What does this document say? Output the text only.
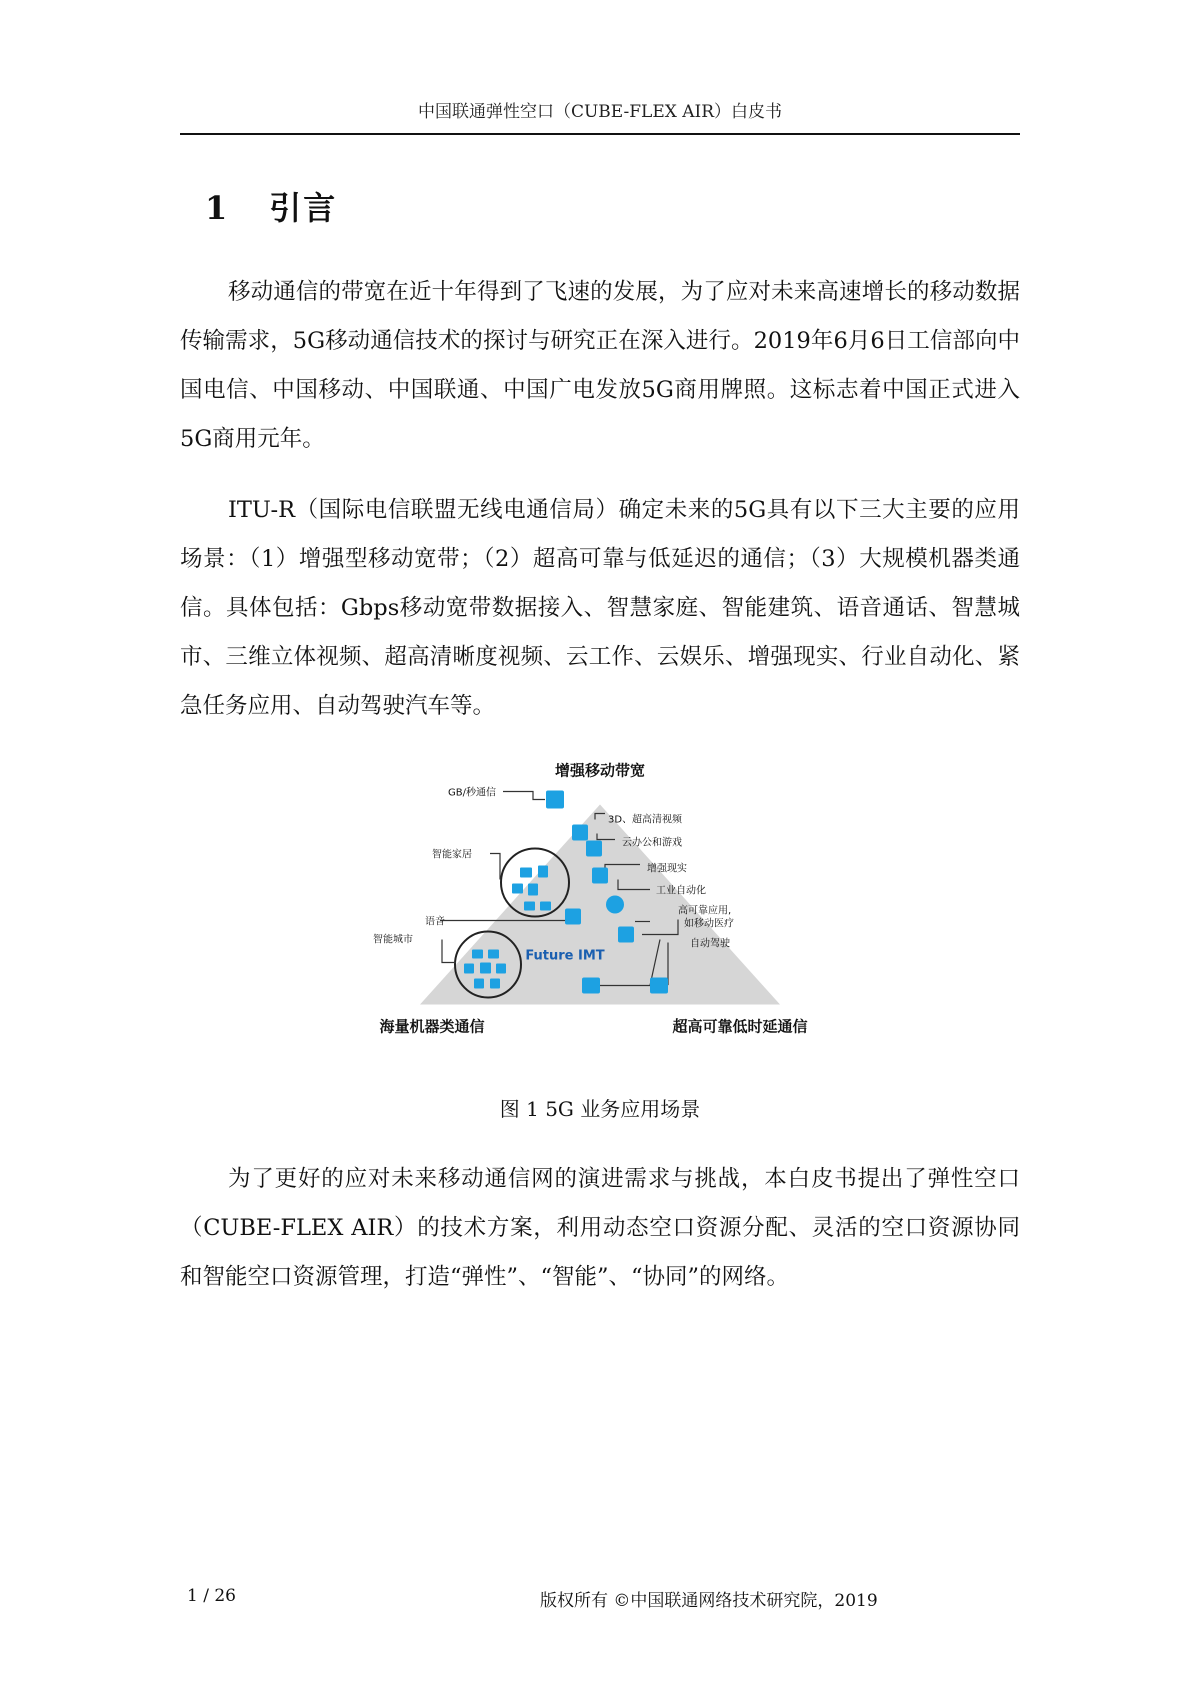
中国联通弹性空口（CUBE-FLEX AIR）白皮书
1 引言
移动通信的带宽在近十年得到了飞速的发展，为了应对未来高速增长的移动数据传输需求，5G移动通信技术的探讨与研究正在深入进行。2019年6月6日工信部向中国电信、中国移动、中国联通、中国广电发放5G商用牌照。这标志着中国正式进入5G商用元年。
ITU-R（国际电信联盟无线电通信局）确定未来的5G具有以下三大主要的应用场景：（1）增强型移动宽带；（2）超高可靠与低延迟的通信；（3）大规模机器类通信。具体包括：Gbps移动宽带数据接入、智慧家庭、智能建筑、语音通话、智慧城市、三维立体视频、超高清晰度视频、云工作、云娱乐、增强现实、行业自动化、紧急任务应用、自动驾驶汽车等。
增强移动带宽
海量机器类通信	超高可靠低时延通信
Future IMT
GB/秒通信
智能家居
语音
智能城市
3D、超高清视频
云办公和游戏
增强现实
工业自动化
高可靠应用,
如移动医疗
自动驾驶
图 1 5G 业务应用场景
为了更好的应对未来移动通信网的演进需求与挑战，本白皮书提出了弹性空口（CUBE-FLEX AIR）的技术方案，利用动态空口资源分配、灵活的空口资源协同和智能空口资源管理，打造“弹性”、“智能”、“协同”的网络。
1 / 26	版权所有 ©中国联通网络技术研究院，2019
